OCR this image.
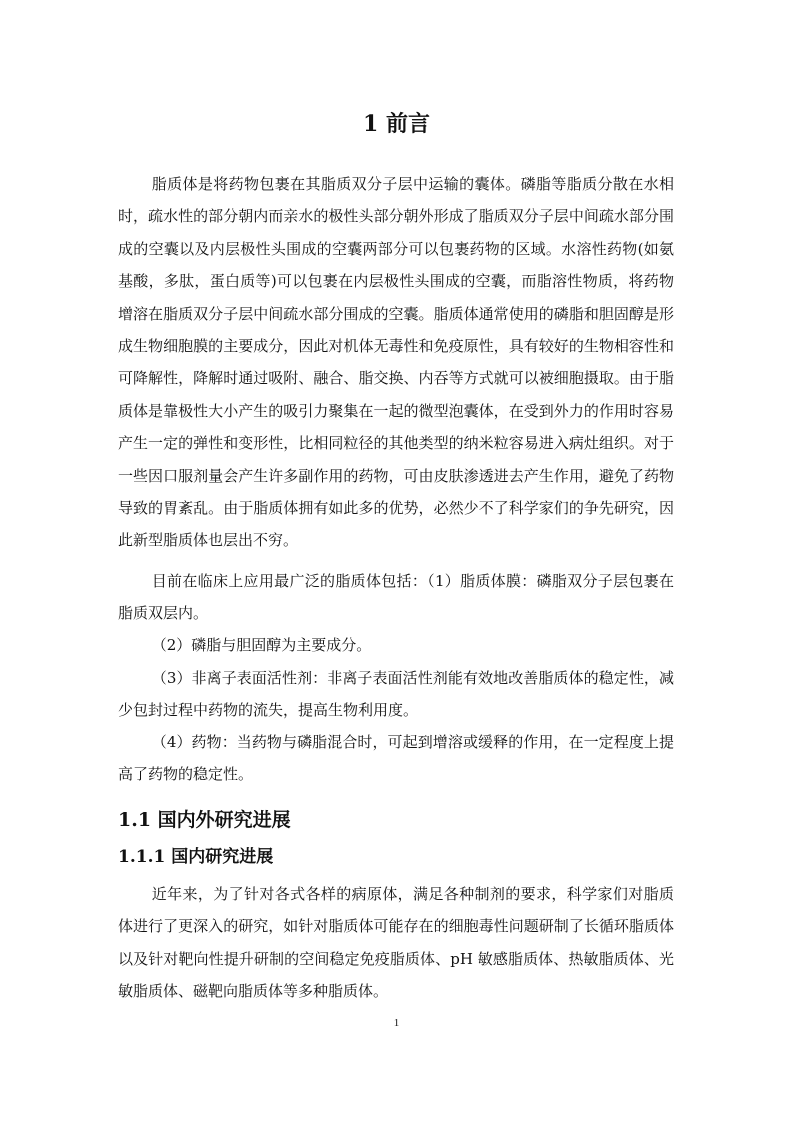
1 前言

脂质体是将药物包裹在其脂质双分子层中运输的囊体。磷脂等脂质分散在水相时，疏水性的部分朝内而亲水的极性头部分朝外形成了脂质双分子层中间疏水部分围成的空囊以及内层极性头围成的空囊两部分可以包裹药物的区域。水溶性药物(如氨基酸，多肽，蛋白质等)可以包裹在内层极性头围成的空囊，而脂溶性物质，将药物增溶在脂质双分子层中间疏水部分围成的空囊。脂质体通常使用的磷脂和胆固醇是形成生物细胞膜的主要成分，因此对机体无毒性和免疫原性，具有较好的生物相容性和可降解性，降解时通过吸附、融合、脂交换、内吞等方式就可以被细胞摄取。由于脂质体是靠极性大小产生的吸引力聚集在一起的微型泡囊体，在受到外力的作用时容易产生一定的弹性和变形性，比相同粒径的其他类型的纳米粒容易进入病灶组织。对于一些因口服剂量会产生许多副作用的药物，可由皮肤渗透进去产生作用，避免了药物导致的胃紊乱。由于脂质体拥有如此多的优势，必然少不了科学家们的争先研究，因此新型脂质体也层出不穷。

目前在临床上应用最广泛的脂质体包括：（1）脂质体膜：磷脂双分子层包裹在脂质双层内。

（2）磷脂与胆固醇为主要成分。

（3）非离子表面活性剂：非离子表面活性剂能有效地改善脂质体的稳定性，减少包封过程中药物的流失，提高生物利用度。

（4）药物：当药物与磷脂混合时，可起到增溶或缓释的作用，在一定程度上提高了药物的稳定性。

1.1 国内外研究进展
1.1.1 国内研究进展

近年来，为了针对各式各样的病原体，满足各种制剂的要求，科学家们对脂质体进行了更深入的研究，如针对脂质体可能存在的细胞毒性问题研制了长循环脂质体以及针对靶向性提升研制的空间稳定免疫脂质体、pH 敏感脂质体、热敏脂质体、光敏脂质体、磁靶向脂质体等多种脂质体。

1
